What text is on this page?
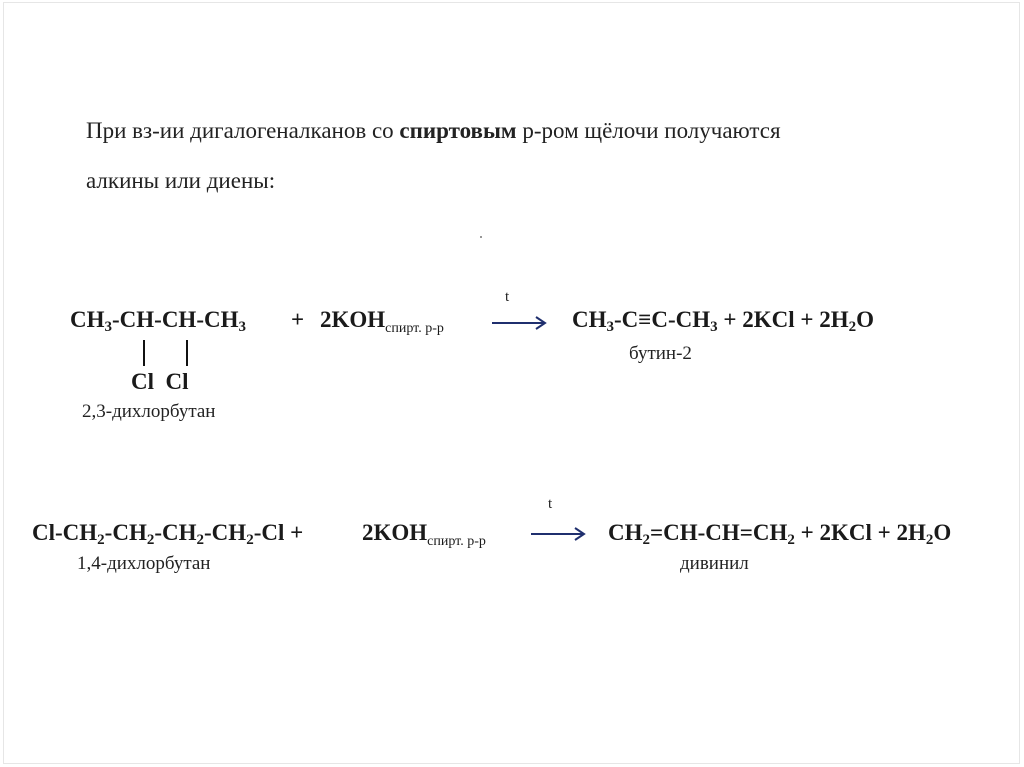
При вз-ии дигалогеналканов со спиртовым р-ром щёлочи получаются
алкины или диены:
$CH_3-CH-CH-CH_3 + 2KOH_{спирт. р-р}$
t
$CH_3-C\equiv C-CH_3 + 2KCl + 2H_2O$
Cl  Cl
2,3-дихлорбутан
бутин-2
$Cl-CH_2-CH_2-CH_2-CH_2-Cl$ +	$2KOH_{спирт. р-р}$
t
$CH_2=CH-CH=CH_2 + 2KCl + 2H_2O$
1,4-дихлорбутан	дивинил
